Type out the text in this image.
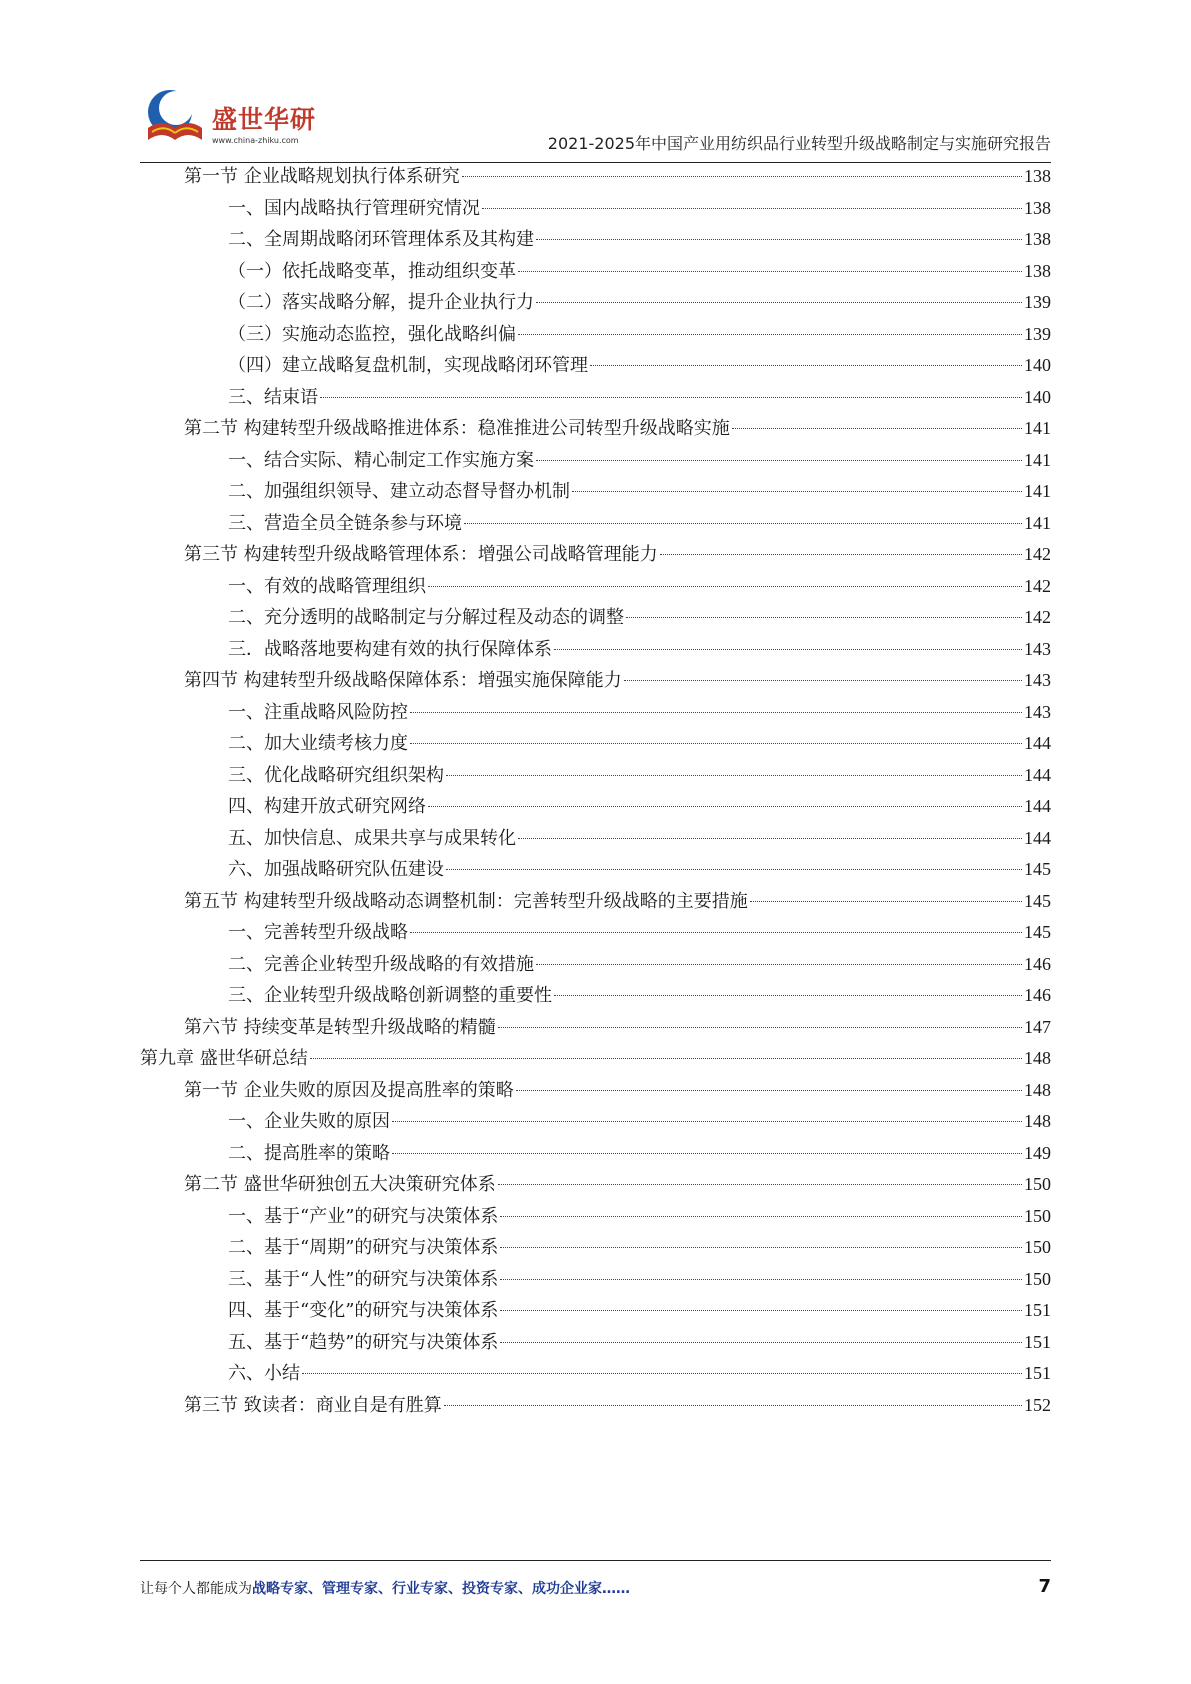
盛世华研
www.china-zhiku.com	2021-2025年中国产业用纺织品行业转型升级战略制定与实施研究报告
第一节 企业战略规划执行体系研究	138
一、国内战略执行管理研究情况	138
二、全周期战略闭环管理体系及其构建	138
（一）依托战略变革，推动组织变革	138
（二）落实战略分解，提升企业执行力	139
（三）实施动态监控，强化战略纠偏	139
（四）建立战略复盘机制，实现战略闭环管理	140
三、结束语	140
第二节 构建转型升级战略推进体系：稳准推进公司转型升级战略实施	141
一、结合实际、精心制定工作实施方案	141
二、加强组织领导、建立动态督导督办机制	141
三、营造全员全链条参与环境	141
第三节 构建转型升级战略管理体系：增强公司战略管理能力	142
一、有效的战略管理组织	142
二、充分透明的战略制定与分解过程及动态的调整	142
三．战略落地要构建有效的执行保障体系	143
第四节 构建转型升级战略保障体系：增强实施保障能力	143
一、注重战略风险防控	143
二、加大业绩考核力度	144
三、优化战略研究组织架构	144
四、构建开放式研究网络	144
五、加快信息、成果共享与成果转化	144
六、加强战略研究队伍建设	145
第五节 构建转型升级战略动态调整机制：完善转型升级战略的主要措施	145
一、完善转型升级战略	145
二、完善企业转型升级战略的有效措施	146
三、企业转型升级战略创新调整的重要性	146
第六节 持续变革是转型升级战略的精髓	147
第九章 盛世华研总结	148
第一节 企业失败的原因及提高胜率的策略	148
一、企业失败的原因	148
二、提高胜率的策略	149
第二节 盛世华研独创五大决策研究体系	150
一、基于“产业”的研究与决策体系	150
二、基于“周期”的研究与决策体系	150
三、基于“人性”的研究与决策体系	150
四、基于“变化”的研究与决策体系	151
五、基于“趋势”的研究与决策体系	151
六、小结	151
第三节 致读者：商业自是有胜算	152
让每个人都能成为战略专家、管理专家、行业专家、投资专家、成功企业家……	7
